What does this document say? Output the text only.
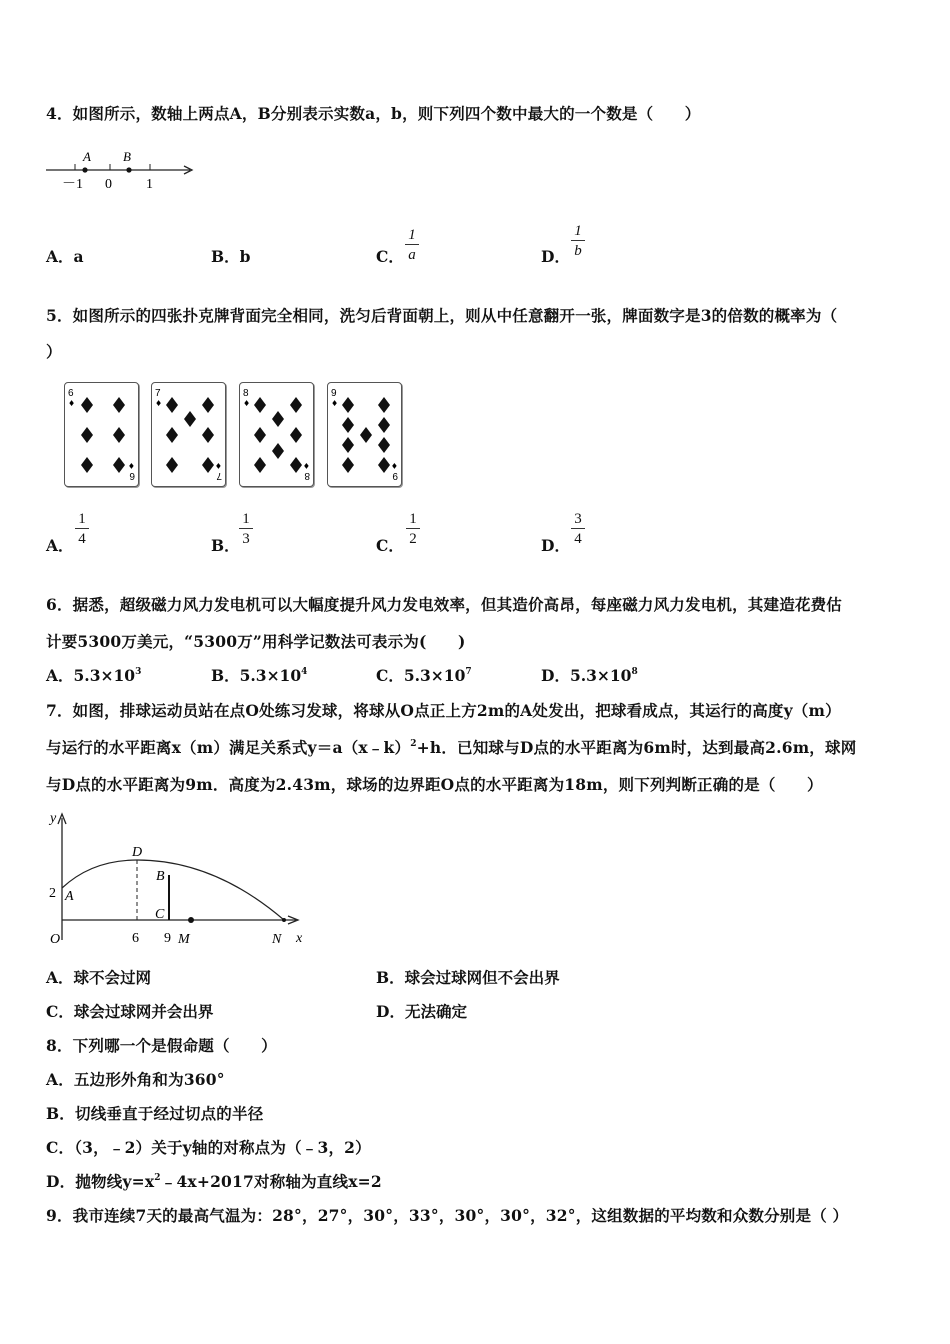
4．如图所示，数轴上两点A，B分别表示实数a，b，则下列四个数中最大的一个数是（　　）
A B
－1 0 1
A．a	B．b	C．
1
a	D．
1
b
5．如图所示的四张扑克牌背面完全相同，洗匀后背面朝上，则从中任意翻开一张，牌面数字是3的倍数的概率为（
）
6
♦
6
♦
7
♦
7
♦
8
♦
8
♦
9
♦
9
♦
A．
1
4	B．
1
3	C．
1
2	D．
3
4
6．据悉，超级磁力风力发电机可以大幅度提升风力发电效率，但其造价高昂，每座磁力风力发电机，其建造花费估
计要5300万美元，“5300万”用科学记数法可表示为(　　)
A．$5.3\times 10^3$	B．$5.3\times 10^4$	C．$5.3\times 10^7$	D．$5.3\times 10^8$
7．如图，排球运动员站在点O处练习发球，将球从O点正上方2m的A处发出，把球看成点，其运行的高度y（m）
与运行的水平距离x（m）满足关系式y＝a（x﹣k）$^2$+h．已知球与D点的水平距离为6m时，达到最高2.6m，球网
与D点的水平距离为9m．高度为2.43m，球场的边界距O点的水平距离为18m，则下列判断正确的是（　　）
y
x
O
2 A
D
B
C
6 9 M	N
A．球不会过网	B．球会过球网但不会出界
C．球会过球网并会出界	D．无法确定
8．下列哪一个是假命题（　　）
A．五边形外角和为360°
B．切线垂直于经过切点的半径
C．（3，﹣2）关于y轴的对称点为（﹣3，2）
D．抛物线$y=x^2﹣4x+2017$对称轴为直线x=2
9．我市连续7天的最高气温为：28°，27°，30°，33°，30°，30°，32°，这组数据的平均数和众数分别是（ ）
